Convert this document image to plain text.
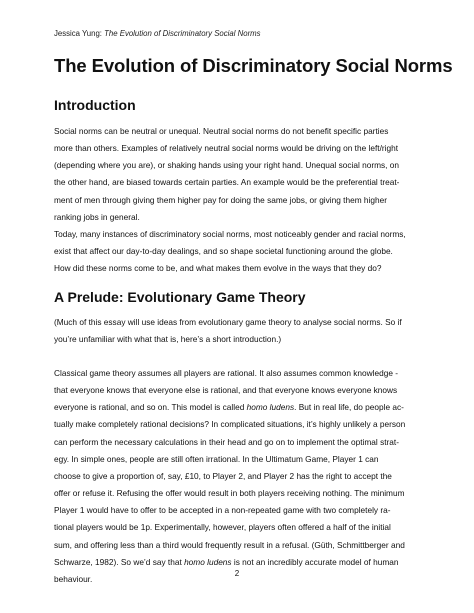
Jessica Yung: The Evolution of Discriminatory Social Norms
The Evolution of Discriminatory Social Norms
Introduction

Social norms can be neutral or unequal. Neutral social norms do not benefit specific parties
more than others. Examples of relatively neutral social norms would be driving on the left/right
(depending where you are), or shaking hands using your right hand. Unequal social norms, on
the other hand, are biased towards certain parties. An example would be the preferential treat-
ment of men through giving them higher pay for doing the same jobs, or giving them higher
ranking jobs in general.

Today, many instances of discriminatory social norms, most noticeably gender and racial norms,
exist that affect our day-to-day dealings, and so shape societal functioning around the globe.
How did these norms come to be, and what makes them evolve in the ways that they do?

A Prelude: Evolutionary Game Theory

(Much of this essay will use ideas from evolutionary game theory to analyse social norms. So if
you’re unfamiliar with what that is, here’s a short introduction.)

Classical game theory assumes all players are rational. It also assumes common knowledge -
that everyone knows that everyone else is rational, and that everyone knows everyone knows
everyone is rational, and so on. This model is called homo ludens. But in real life, do people ac-
tually make completely rational decisions? In complicated situations, it’s highly unlikely a person
can perform the necessary calculations in their head and go on to implement the optimal strat-
egy. In simple ones, people are still often irrational. In the Ultimatum Game, Player 1 can
choose to give a proportion of, say, £10, to Player 2, and Player 2 has the right to accept the
offer or refuse it. Refusing the offer would result in both players receiving nothing. The minimum
Player 1 would have to offer to be accepted in a non-repeated game with two completely ra-
tional players would be 1p. Experimentally, however, players often offered a half of the initial
sum, and offering less than a third would frequently result in a refusal. (Güth, Schmittberger and
Schwarze, 1982). So we’d say that homo ludens is not an incredibly accurate model of human
behaviour.

2
